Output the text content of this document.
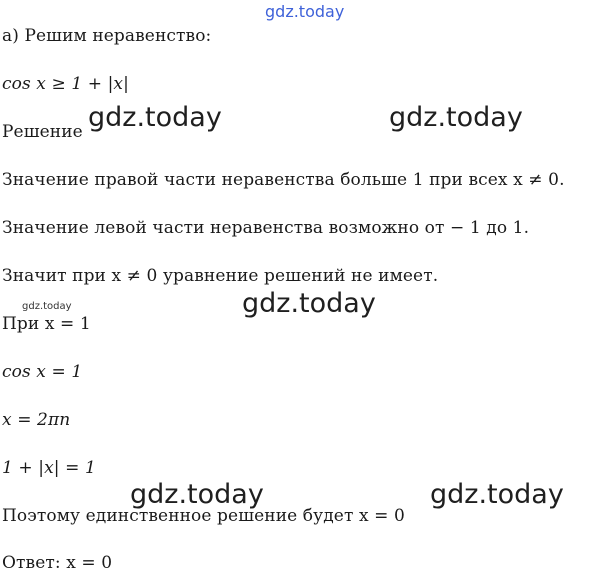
gdz.today
а) Решим неравенство:
cos x ≥ 1 + |x|
Решение gdz.today	gdz.today
Значение правой части неравенства больше 1 при всех x ≠ 0.
Значение левой части неравенства возможно от − 1 до 1.
Значит при x ≠ 0 уравнение решений не имеет.
gdz.today	gdz.today
При x = 1
cos x = 1
x = 2πn
1 + |x| = 1
gdz.today	gdz.today
Поэтому единственное решение будет x = 0
Ответ: x = 0
